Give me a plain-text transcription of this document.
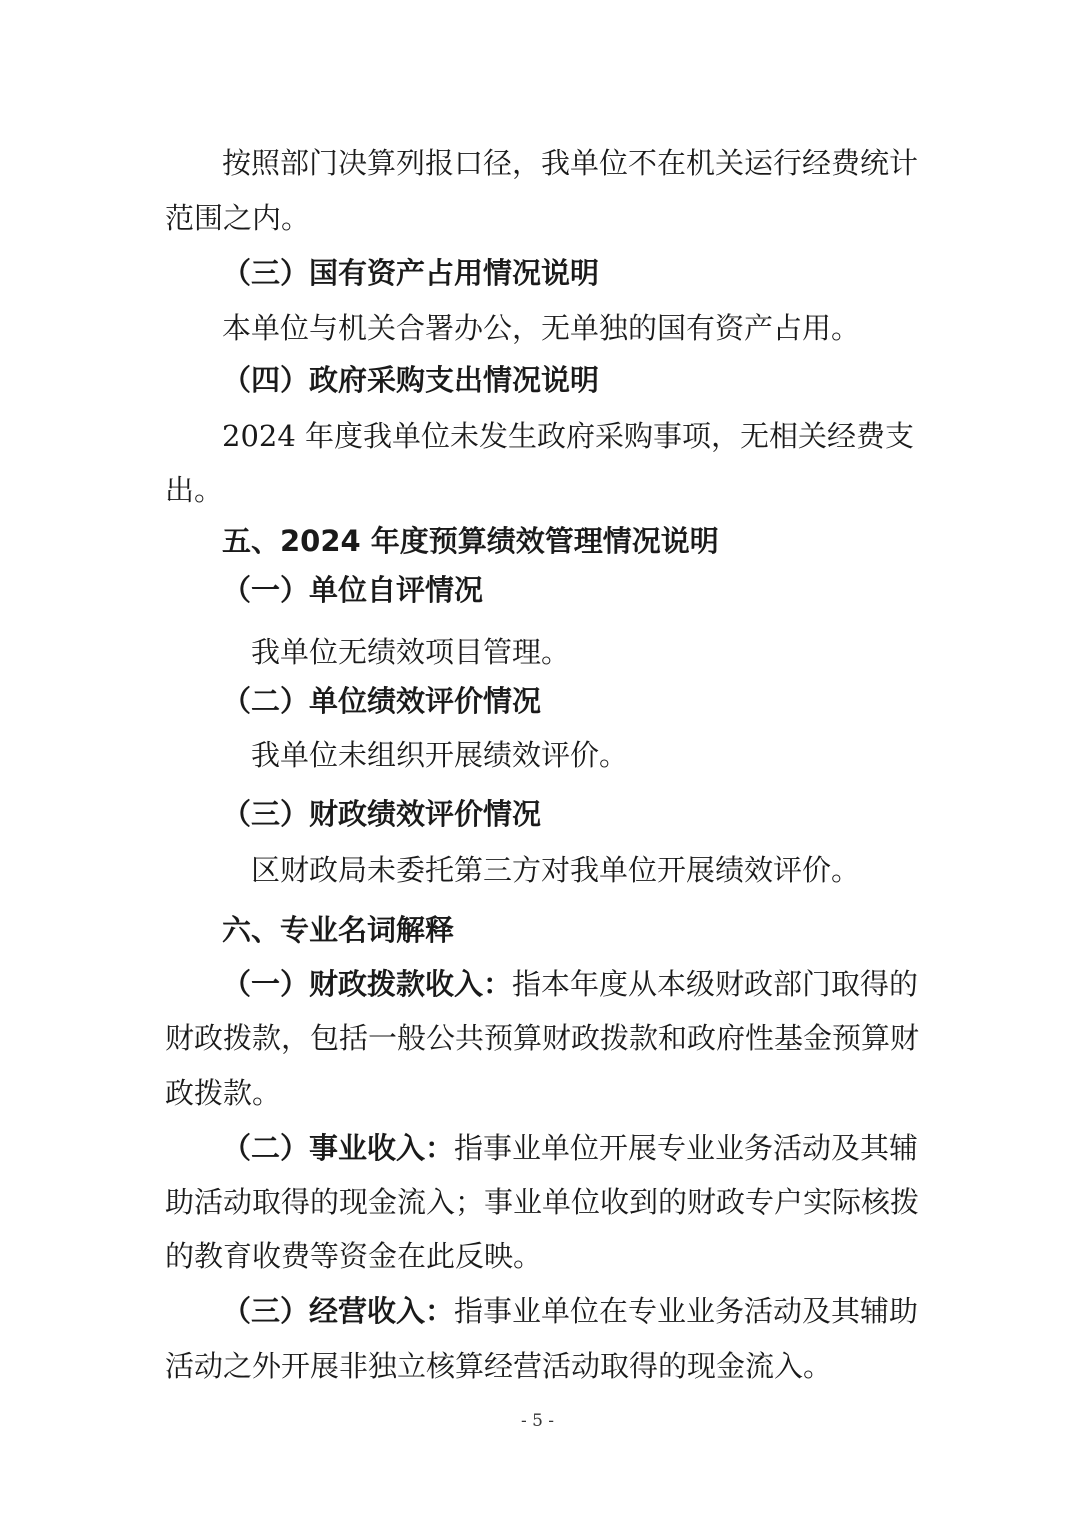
按照部门决算列报口径，我单位不在机关运行经费统计
范围之内。
（三）国有资产占用情况说明
本单位与机关合署办公，无单独的国有资产占用。
（四）政府采购支出情况说明
2024 年度我单位未发生政府采购事项，无相关经费支
出。
五、2024 年度预算绩效管理情况说明
（一）单位自评情况
我单位无绩效项目管理。
（二）单位绩效评价情况
我单位未组织开展绩效评价。
（三）财政绩效评价情况
区财政局未委托第三方对我单位开展绩效评价。
六、专业名词解释
（一）财政拨款收入：指本年度从本级财政部门取得的
财政拨款，包括一般公共预算财政拨款和政府性基金预算财
政拨款。
（二）事业收入：指事业单位开展专业业务活动及其辅
助活动取得的现金流入；事业单位收到的财政专户实际核拨
的教育收费等资金在此反映。
（三）经营收入：指事业单位在专业业务活动及其辅助
活动之外开展非独立核算经营活动取得的现金流入。
- 5 -
